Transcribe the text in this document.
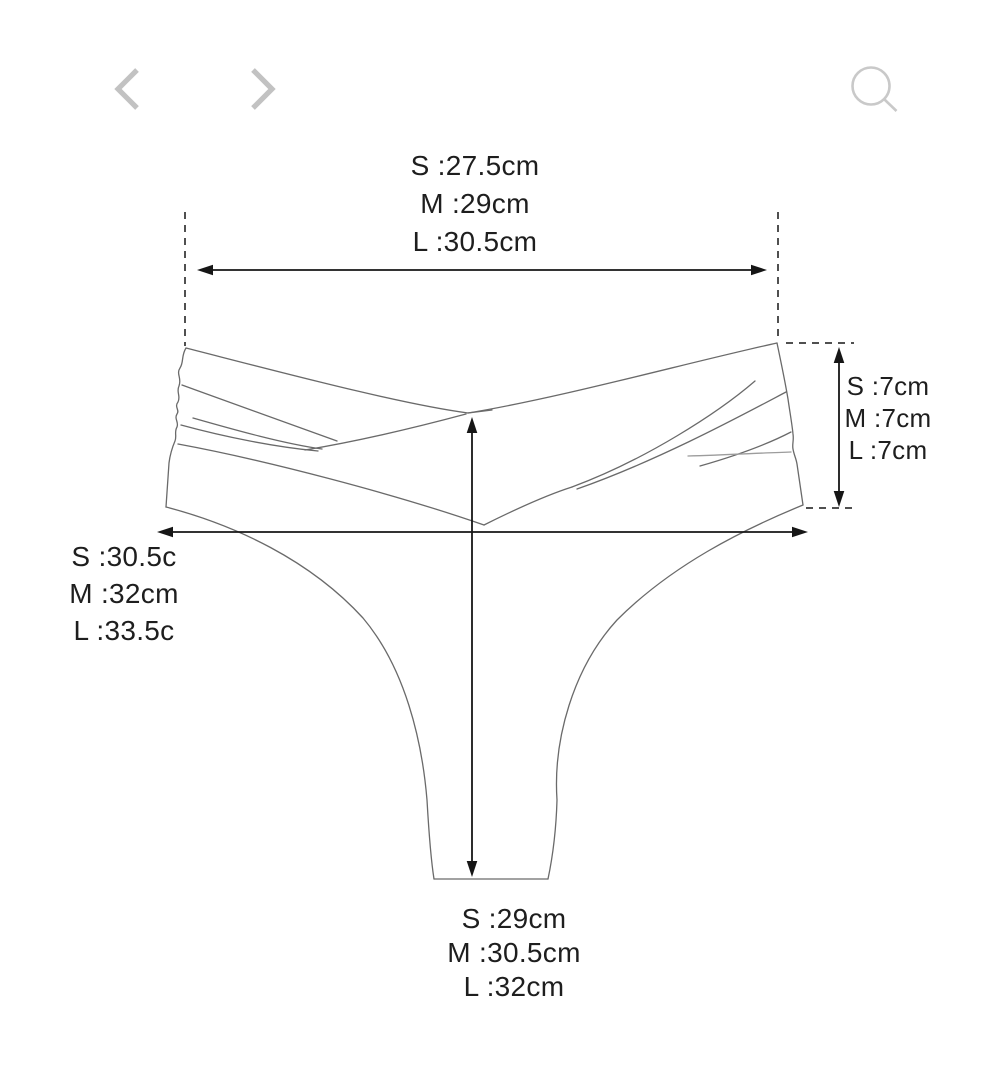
S :27.5cm
M :29cm
L :30.5cm
S :7cm
M :7cm
L :7cm
S :30.5c
M :32cm
L :33.5c
S :29cm
M :30.5cm
L :32cm
